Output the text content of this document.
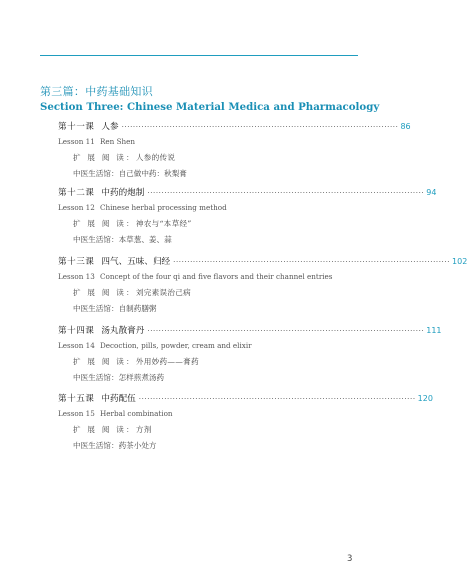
第三篇：中药基础知识
Section Three: Chinese Material Medica and Pharmacology
第十一课 人参 ·································································································· 86
Lesson 11 Ren Shen
扩 展 阅 读：人参的传说
中医生活馆：自己做中药：秋梨膏
第十二课 中药的炮制 ·································································································· 94
Lesson 12 Chinese herbal processing method
扩 展 阅 读：神农与“本草经”
中医生活馆：本草葱、姜、蒜
第十三课 四气、五味、归经 ·································································································· 102
Lesson 13 Concept of the four qi and five flavors and their channel entries
扩 展 阅 读：刘完素误治己病
中医生活馆：自制药膳粥
第十四课 汤丸散膏丹 ·································································································· 111
Lesson 14 Decoction, pills, powder, cream and elixir
扩 展 阅 读：外用妙药——膏药
中医生活馆：怎样煎煮汤药
第十五课 中药配伍 ·································································································· 120
Lesson 15 Herbal combination
扩 展 阅 读：方剂
中医生活馆：药茶小处方
3
